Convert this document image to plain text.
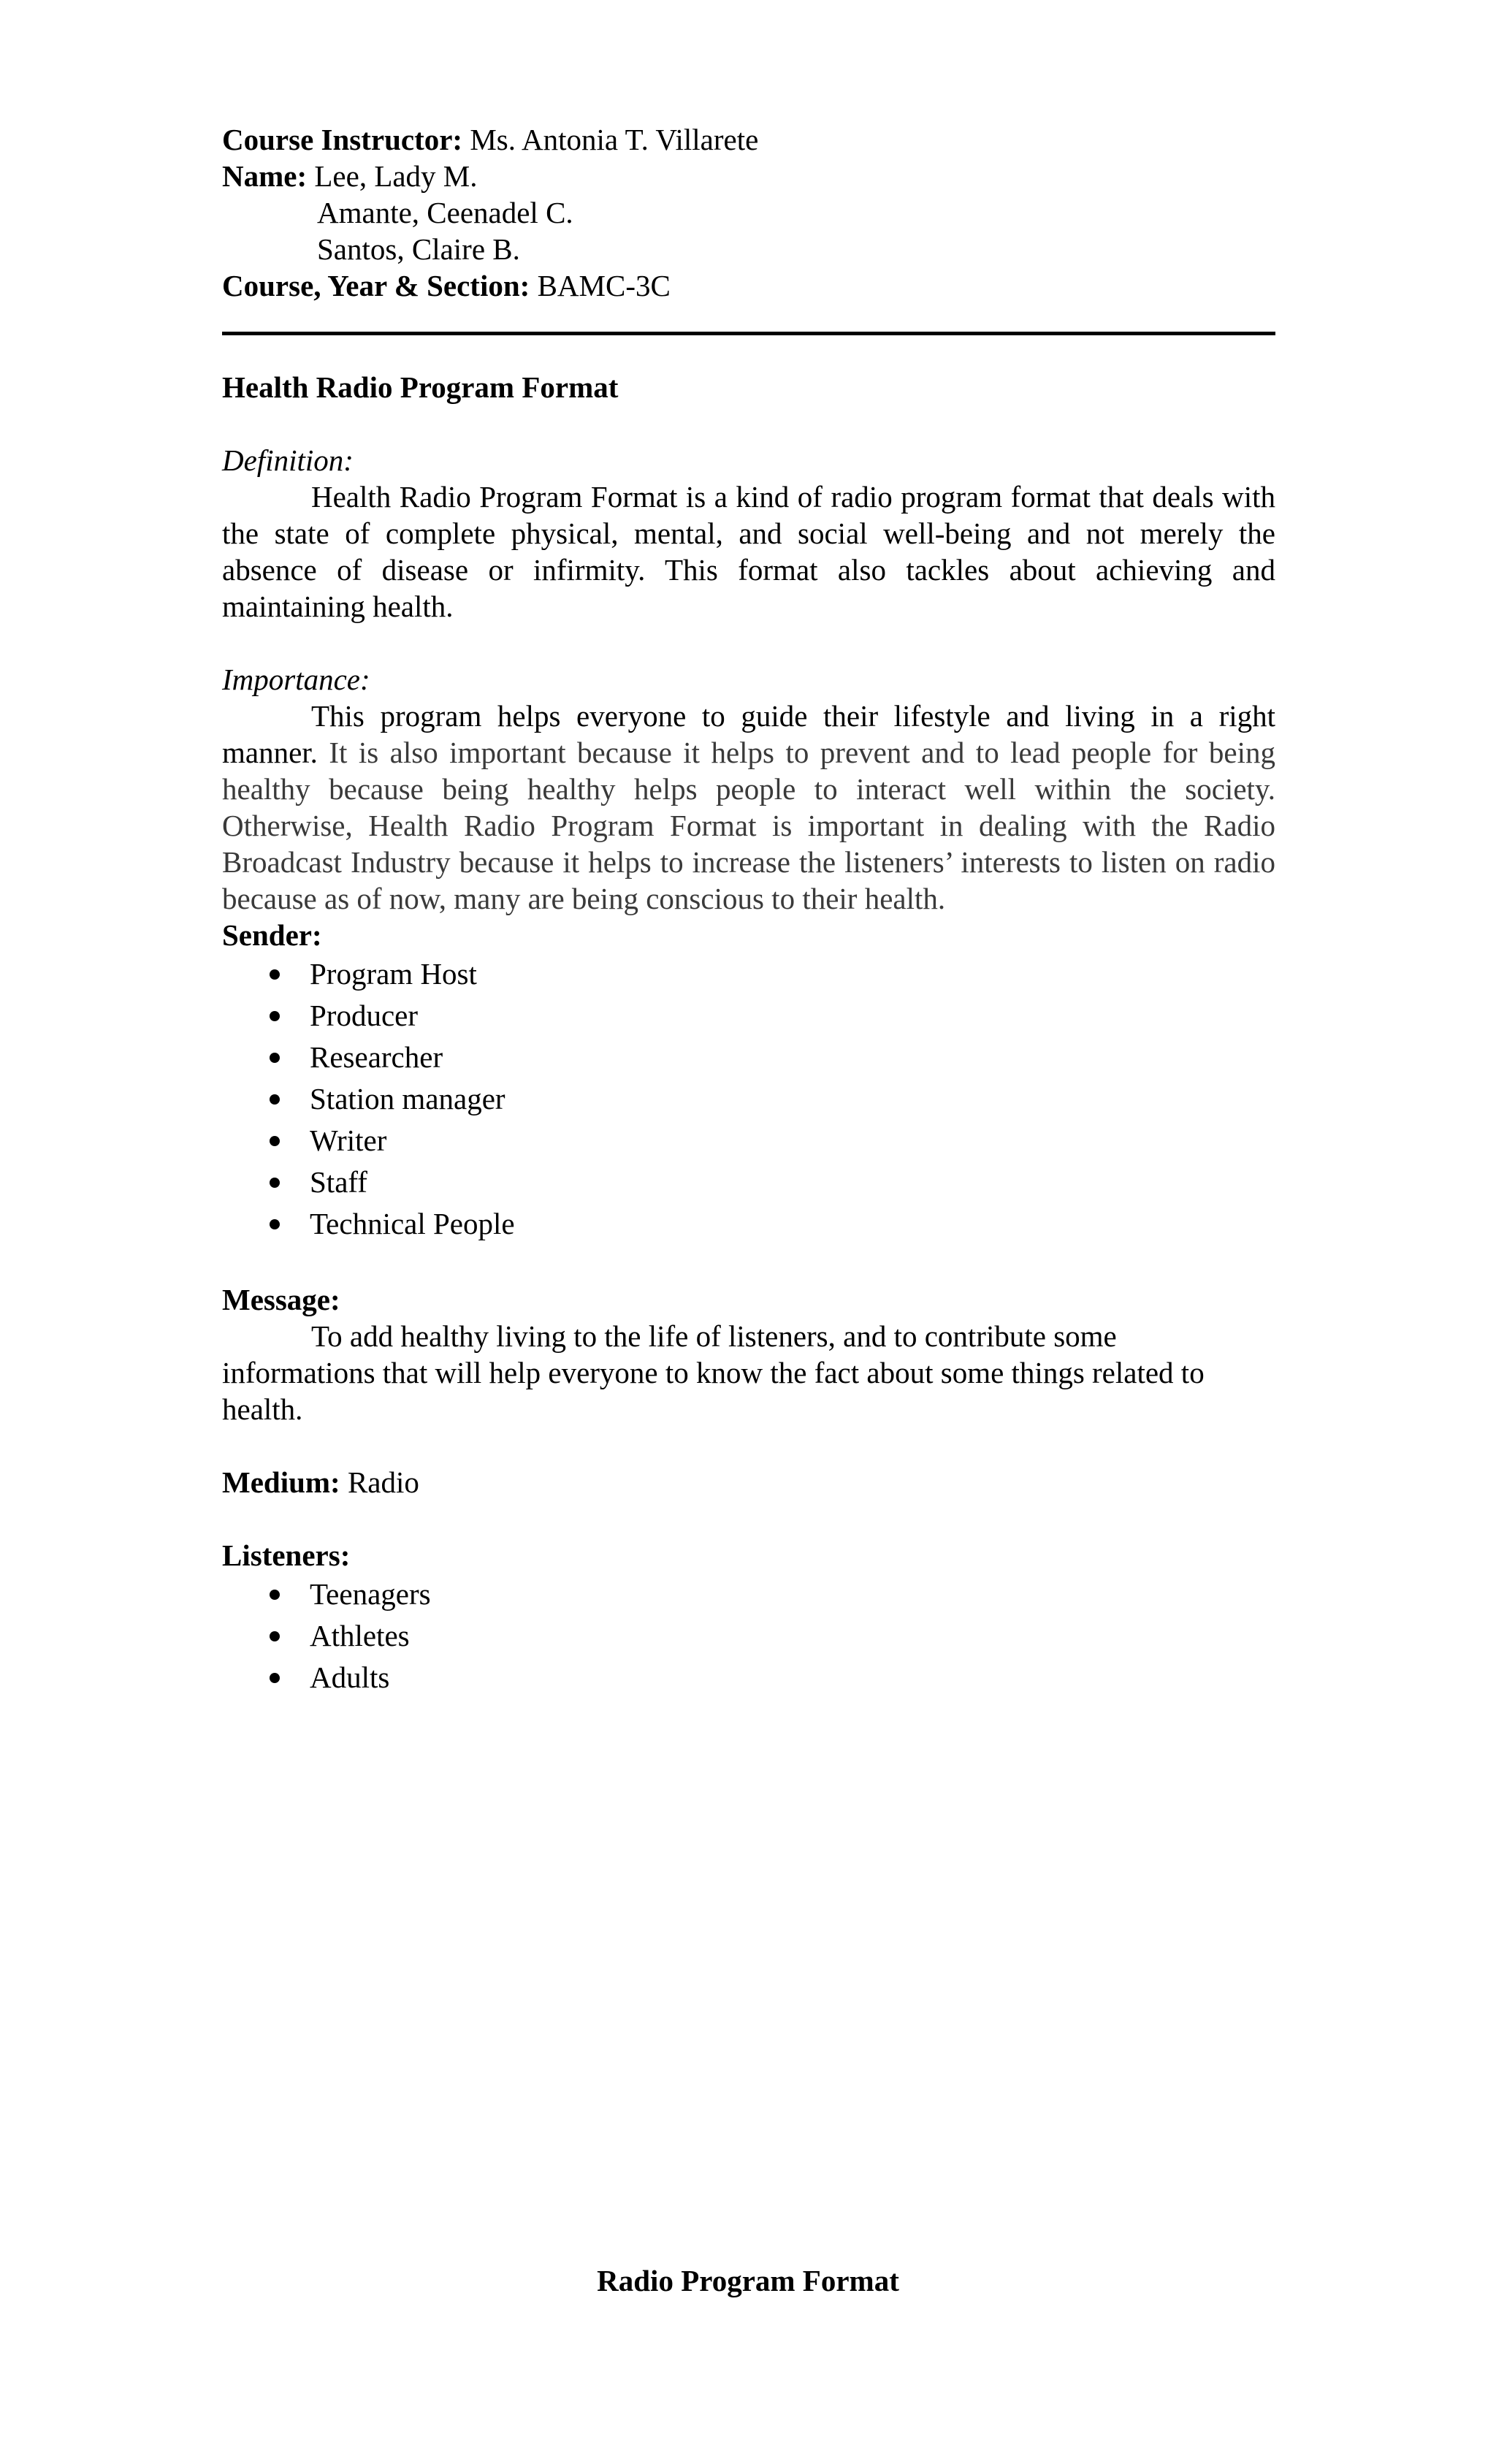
Course Instructor: Ms. Antonia T. Villarete
Name: Lee, Lady M.
Amante, Ceenadel C.
Santos, Claire B.
Course, Year & Section: BAMC-3C
Health Radio Program Format
Definition:

Health Radio Program Format is a kind of radio program format that deals with the state of complete physical, mental, and social well-being and not merely the absence of disease or infirmity. This format also tackles about achieving and maintaining health.

Importance:

This program helps everyone to guide their lifestyle and living in a right manner. It is also important because it helps to prevent and to lead people for being healthy because being healthy helps people to interact well within the society. Otherwise, Health Radio Program Format is important in dealing with the Radio Broadcast Industry because it helps to increase the listeners’ interests to listen on radio because as of now, many are being conscious to their health.

Sender:
Program Host
Producer
Researcher
Station manager
Writer
Staff
Technical People
Message:

To add healthy living to the life of listeners, and to contribute some informations that will help everyone to know the fact about some things related to health.

Medium: Radio
Listeners:
Teenagers
Athletes
Adults
Radio Program Format
